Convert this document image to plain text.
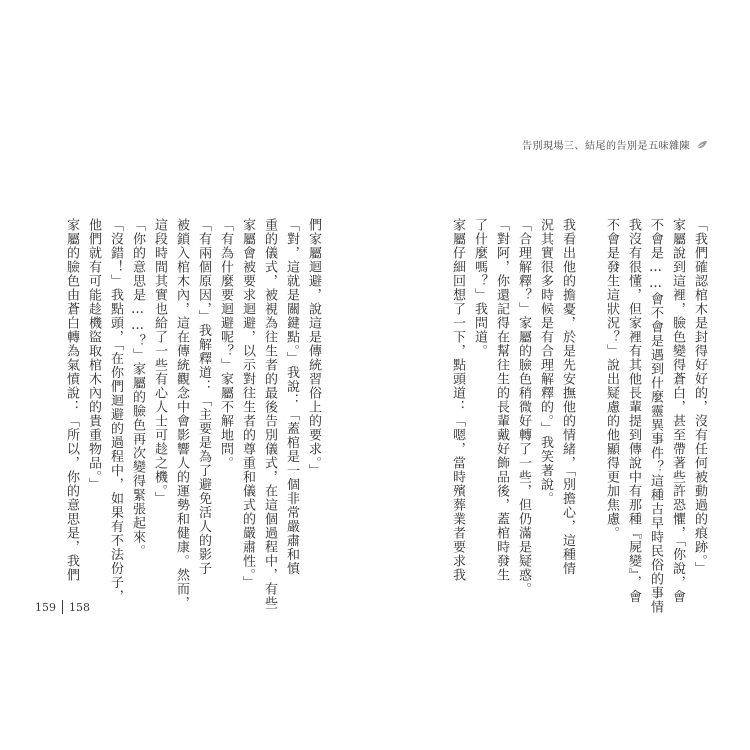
告別現場三、結尾的告別是五味雜陳
「我們確認棺木是封得好好的，沒有任何被動過的痕跡。」
家屬說到這裡，臉色變得蒼白，甚至帶著些許恐懼，「你說，會
不會是……會不會是遇到什麼靈異事件？這種古早時民俗的事情
我沒有很懂，但家裡有其他長輩提到傳說中有那種『屍變』，會
不會是發生這狀況？」說出疑慮的他顯得更加焦慮。
我看出他的擔憂，於是先安撫他的情緒，「別擔心，這種情
況其實很多時候是有合理解釋的。」我笑著說。
「合理解釋？」家屬的臉色稍微好轉了一些，但仍滿是疑惑。
「對阿，你還記得在幫往生的長輩戴好飾品後，蓋棺時發生
了什麼嗎？」我問道。
家屬仔細回想了一下，點頭道：「嗯，當時殯葬業者要求我
們家屬迴避，說這是傳統習俗上的要求。」
「對，這就是關鍵點。」我說：「蓋棺是一個非常嚴肅和慎
重的儀式，被視為往生者的最後告別儀式，在這個過程中，有些
家屬會被要求迴避，以示對往生者的尊重和儀式的嚴肅性。」
「有為什麼要迴避呢？」家屬不解地問。
「有兩個原因，」我解釋道：「主要是為了避免活人的影子
被鎖入棺木內，這在傳統觀念中會影響人的運勢和健康。然而，
這段時間其實也給了一些有心人士可趁之機。」
「你的意思是……？」家屬的臉色再次變得緊張起來。
「沒錯！」我點頭，「在你們迴避的過程中，如果有不法份子，
他們就有可能趁機盜取棺木內的貴重物品。」
家屬的臉色由蒼白轉為氣憤說：「所以，你的意思是，我們
159 158
